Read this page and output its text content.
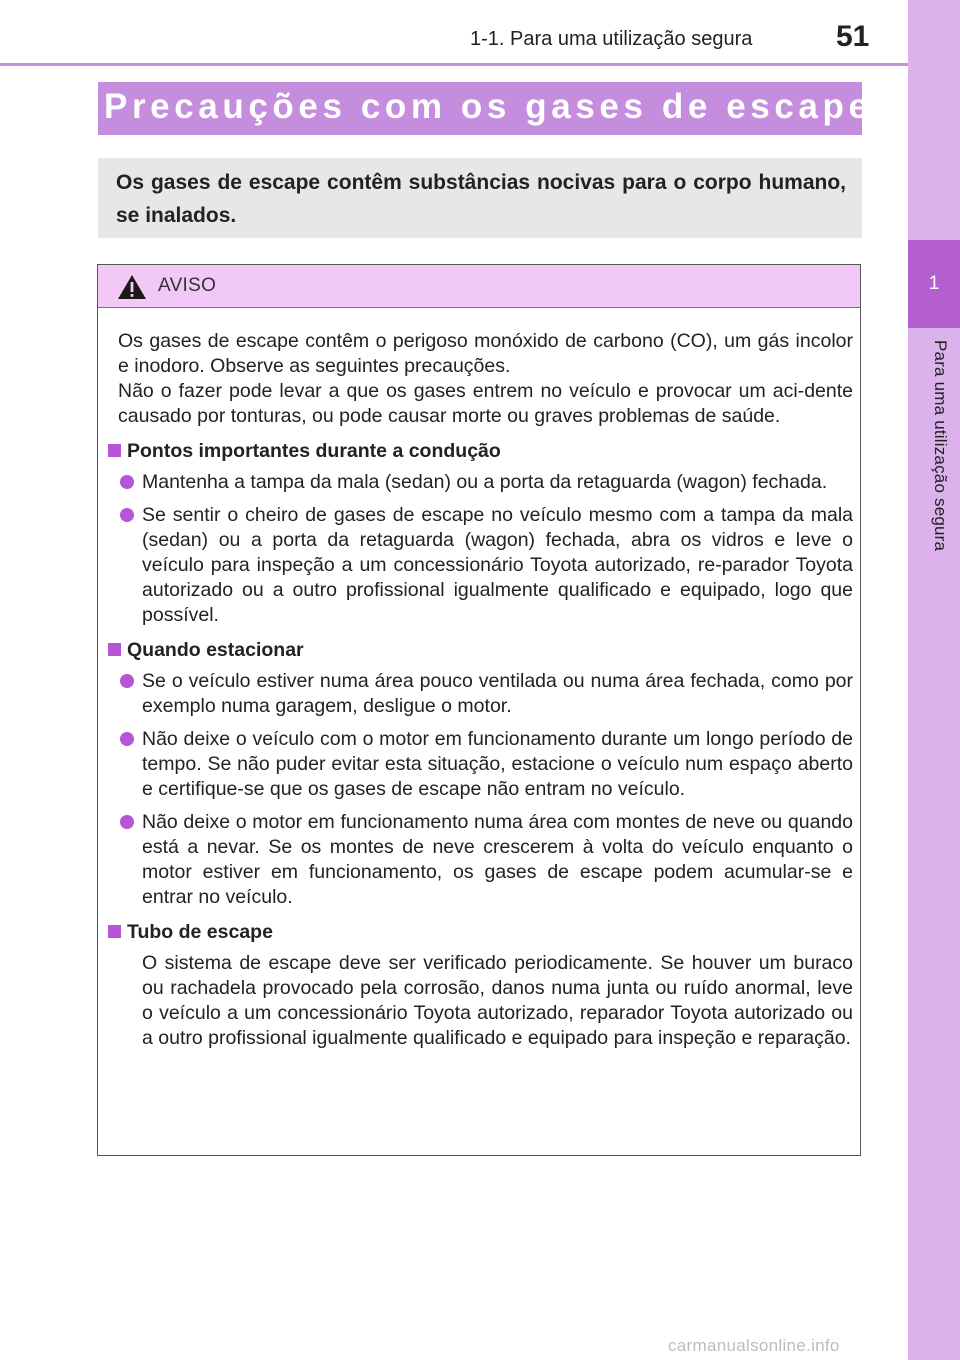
1
Para uma utilização segura
1-1. Para uma utilização segura	51
Precauções com os gases de escape
Os gases de escape contêm substâncias nocivas para o corpo humano, se inalados.
AVISO

Os gases de escape contêm o perigoso monóxido de carbono (CO), um gás incolor e inodoro. Observe as seguintes precauções.

Não o fazer pode levar a que os gases entrem no veículo e provocar um aci-dente causado por tonturas, ou pode causar morte ou graves problemas de saúde.

Pontos importantes durante a condução
Mantenha a tampa da mala (sedan) ou a porta da retaguarda (wagon) fechada.
Se sentir o cheiro de gases de escape no veículo mesmo com a tampa da mala (sedan) ou a porta da retaguarda (wagon) fechada, abra os vidros e leve o veículo para inspeção a um concessionário Toyota autorizado, re-parador Toyota autorizado ou a outro profissional igualmente qualificado e equipado, logo que possível.
Quando estacionar
Se o veículo estiver numa área pouco ventilada ou numa área fechada, como por exemplo numa garagem, desligue o motor.
Não deixe o veículo com o motor em funcionamento durante um longo período de tempo. Se não puder evitar esta situação, estacione o veículo num espaço aberto e certifique-se que os gases de escape não entram no veículo.
Não deixe o motor em funcionamento numa área com montes de neve ou quando está a nevar. Se os montes de neve crescerem à volta do veículo enquanto o motor estiver em funcionamento, os gases de escape podem acumular-se e entrar no veículo.
Tubo de escape

O sistema de escape deve ser verificado periodicamente. Se houver um buraco ou rachadela provocado pela corrosão, danos numa junta ou ruído anormal, leve o veículo a um concessionário Toyota autorizado, reparador Toyota autorizado ou a outro profissional igualmente qualificado e equipado para inspeção e reparação.

carmanualsonline.info
